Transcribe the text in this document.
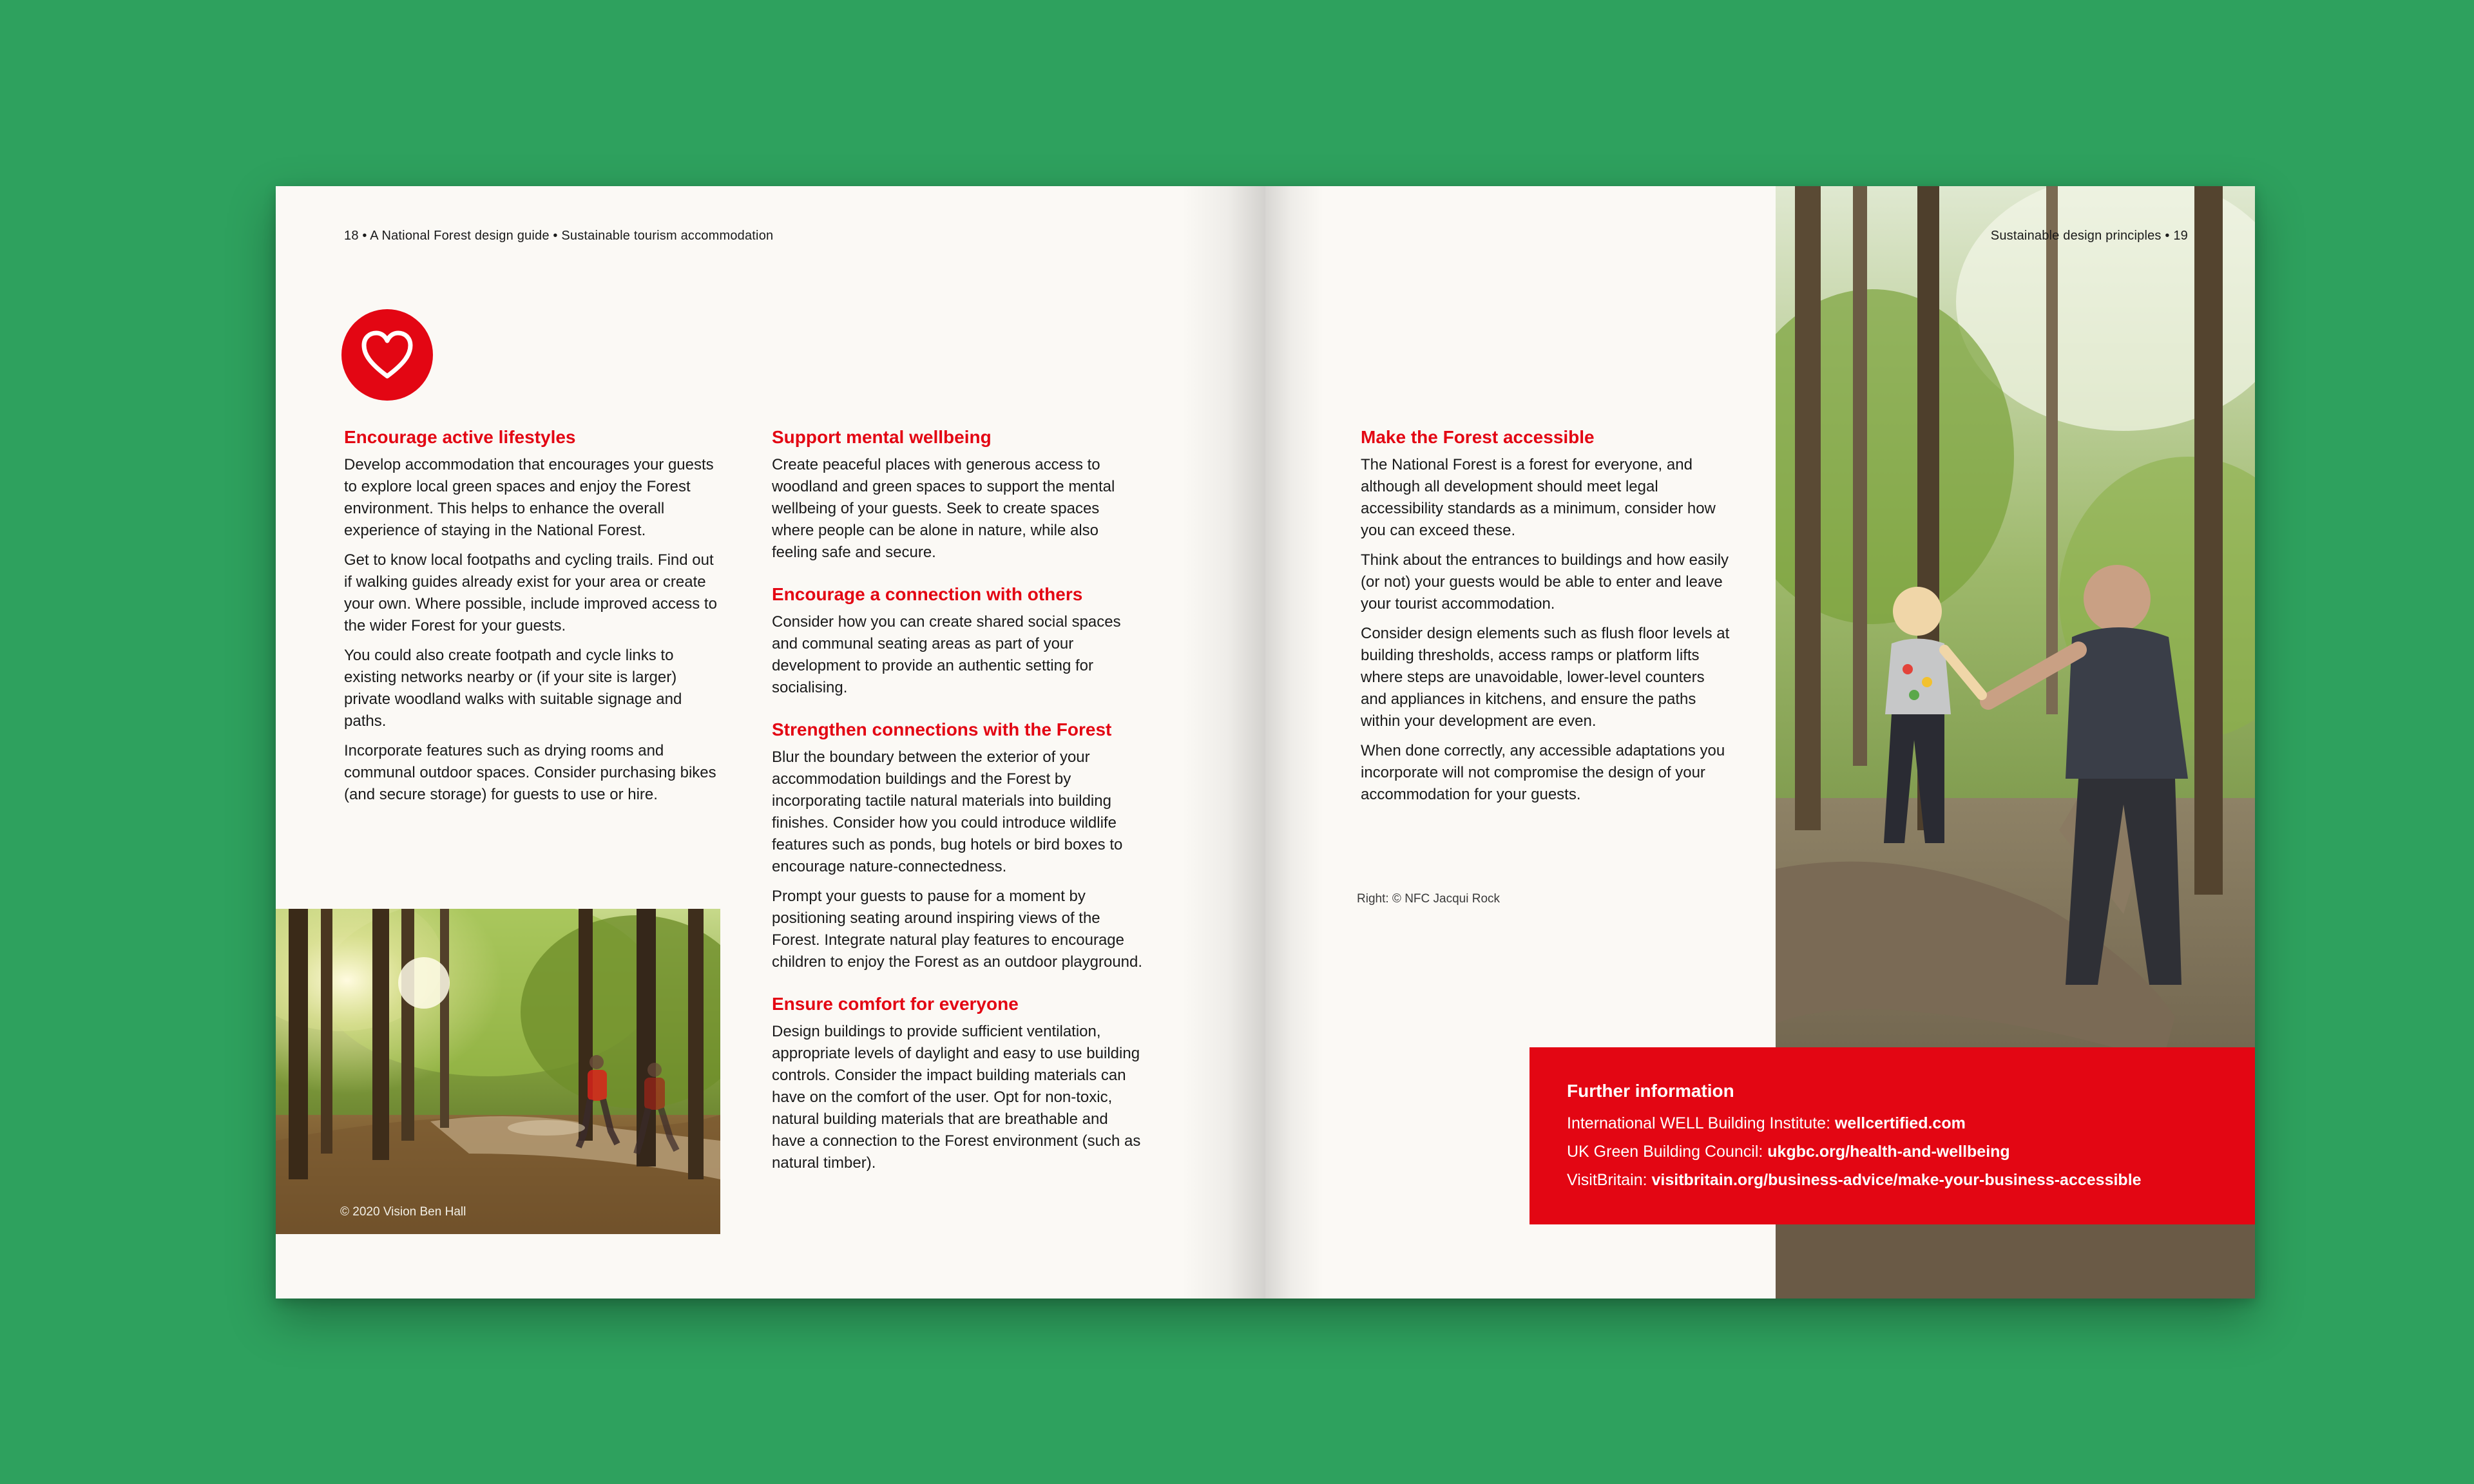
18 • A National Forest design guide • Sustainable tourism accommodation
Encourage active lifestyles

Develop accommodation that encourages your guests to explore local green spaces and enjoy the Forest environment. This helps to enhance the overall experience of staying in the National Forest.

Get to know local footpaths and cycling trails. Find out if walking guides already exist for your area or create your own. Where possible, include improved access to the wider Forest for your guests.

You could also create footpath and cycle links to existing networks nearby or (if your site is larger) private woodland walks with suitable signage and paths.

Incorporate features such as drying rooms and communal outdoor spaces. Consider purchasing bikes (and secure storage) for guests to use or hire.

© 2020 Vision Ben Hall
Support mental wellbeing

Create peaceful places with generous access to woodland and green spaces to support the mental wellbeing of your guests. Seek to create spaces where people can be alone in nature, while also feeling safe and secure.

Encourage a connection with others

Consider how you can create shared social spaces and communal seating areas as part of your development to provide an authentic setting for socialising.

Strengthen connections with the Forest

Blur the boundary between the exterior of your accommodation buildings and the Forest by incorporating tactile natural materials into building finishes. Consider how you could introduce wildlife features such as ponds, bug hotels or bird boxes to encourage nature-connectedness.

Prompt your guests to pause for a moment by positioning seating around inspiring views of the Forest. Integrate natural play features to encourage children to enjoy the Forest as an outdoor playground.

Ensure comfort for everyone

Design buildings to provide sufficient ventilation, appropriate levels of daylight and easy to use building controls. Consider the impact building materials can have on the comfort of the user. Opt for non-toxic, natural building materials that are breathable and have a connection to the Forest environment (such as natural timber).

Sustainable design principles • 19
Make the Forest accessible

The National Forest is a forest for everyone, and although all development should meet legal accessibility standards as a minimum, consider how you can exceed these.

Think about the entrances to buildings and how easily (or not) your guests would be able to enter and leave your tourist accommodation.

Consider design elements such as flush floor levels at building thresholds, access ramps or platform lifts where steps are unavoidable, lower-level counters and appliances in kitchens, and ensure the paths within your development are even.

When done correctly, any accessible adaptations you incorporate will not compromise the design of your accommodation for your guests.

Right: © NFC Jacqui Rock
Further information
International WELL Building Institute: wellcertified.com
UK Green Building Council: ukgbc.org/health-and-wellbeing
VisitBritain: visitbritain.org/business-advice/make-your-business-accessible
